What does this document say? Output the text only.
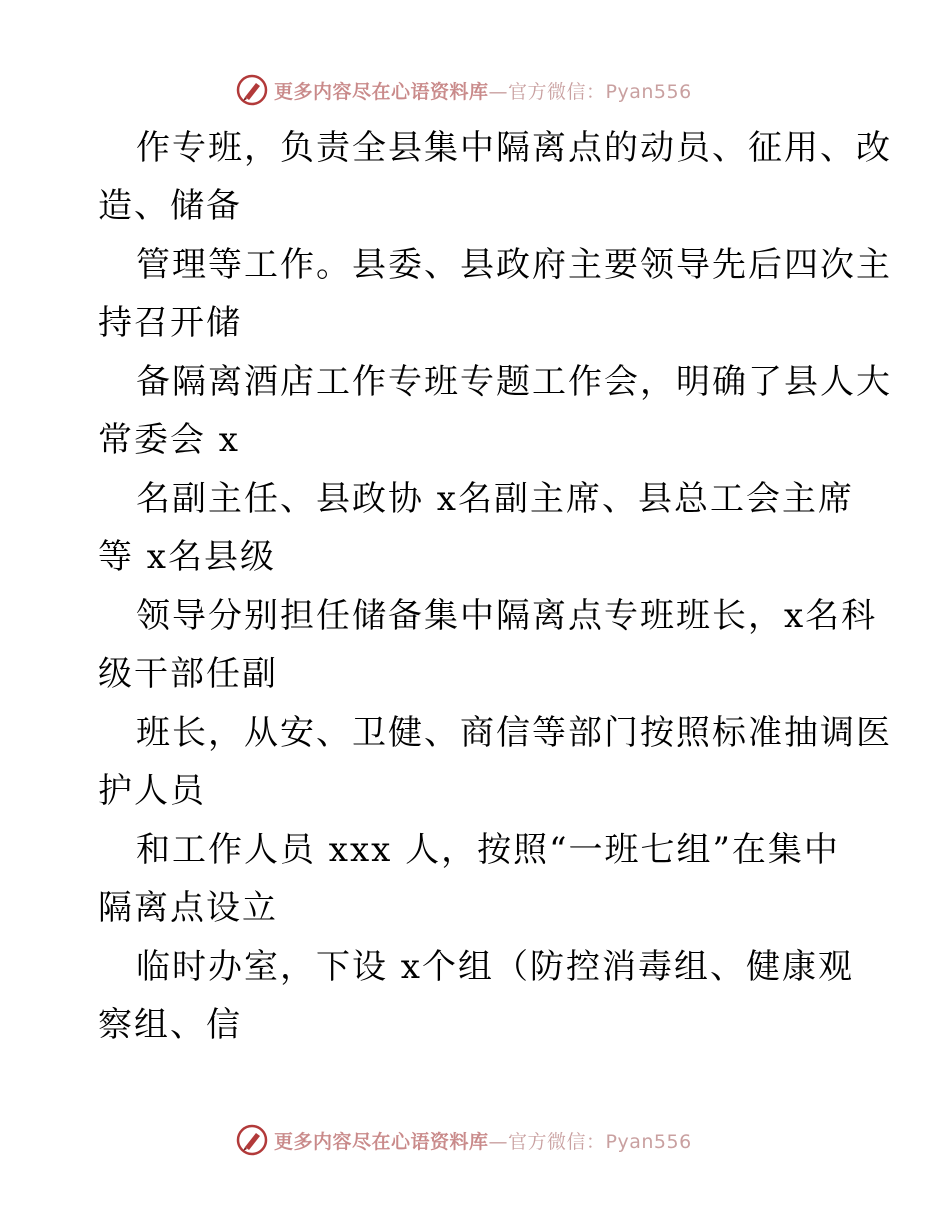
更多内容尽在心语资料库—官方微信：Pyan556
作专班，负责全县集中隔离点的动员、征用、改
造、储备
管理等工作。县委、县政府主要领导先后四次主
持召开储
备隔离酒店工作专班专题工作会，明确了县人大
常委会 x
名副主任、县政协 x名副主席、县总工会主席
等 x名县级
领导分别担任储备集中隔离点专班班长，x名科
级干部任副
班长，从安、卫健、商信等部门按照标准抽调医
护人员
和工作人员 xxx 人，按照“一班七组”在集中
隔离点设立
临时办室，下设 x个组（防控消毒组、健康观
察组、信
更多内容尽在心语资料库—官方微信：Pyan556
